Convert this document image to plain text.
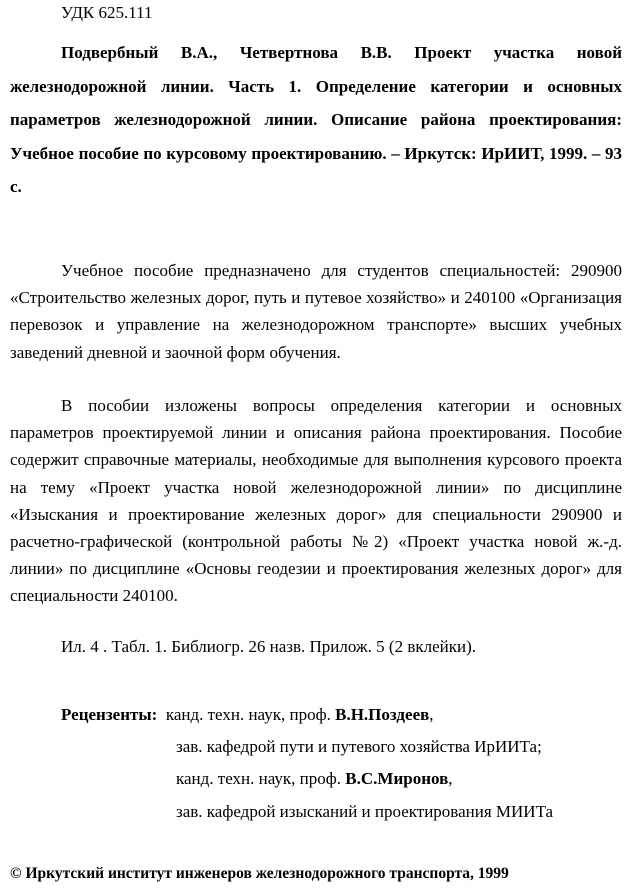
УДК 625.111
Подвербный В.А., Четвертнова В.В. Проект участка новой железнодорожной линии. Часть 1. Определение категории и основных параметров железнодорожной линии. Описание района проектирования: Учебное пособие по курсовому проектированию. – Иркутск: ИрИИТ, 1999. – 93 с.
Учебное пособие предназначено для студентов специальностей: 290900 «Строительство железных дорог, путь и путевое хозяйство» и 240100 «Организация перевозок и управление на железнодорожном транспорте» высших учебных заведений дневной и заочной форм обучения.
В пособии изложены вопросы определения категории и основных параметров проектируемой линии и описания района проектирования. Пособие содержит справочные материалы, необходимые для выполнения курсового проекта на тему «Проект участка новой железнодорожной линии» по дисциплине «Изыскания и проектирование железных дорог» для специальности 290900 и расчетно-графической (контрольной работы №2) «Проект участка новой ж.-д. линии» по дисциплине «Основы геодезии и проектирования железных дорог» для специальности 240100.
Ил. 4 . Табл. 1. Библиогр. 26 назв. Прилож. 5 (2 вклейки).
Рецензенты: канд. техн. наук, проф. В.Н.Поздеев,
зав. кафедрой пути и путевого хозяйства ИрИИТа;
канд. техн. наук, проф. В.С.Миронов,
зав. кафедрой изысканий и проектирования МИИТа
© Иркутский институт инженеров железнодорожного транспорта, 1999
